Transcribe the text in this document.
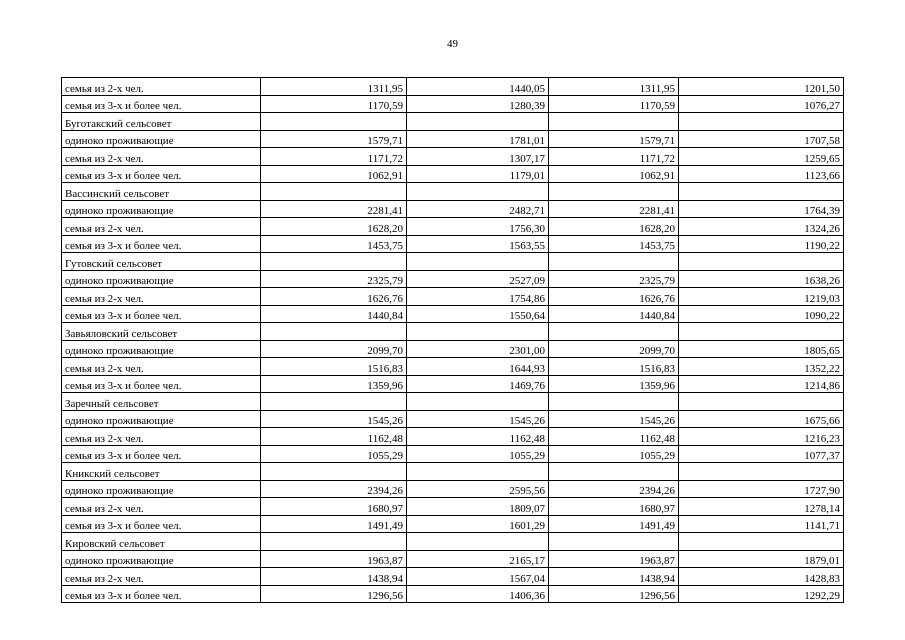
49
семья из 2-х чел.	1311,95	1440,05	1311,95	1201,50
семья из 3-х и более чел.	1170,59	1280,39	1170,59	1076,27
Буготакский сельсовет				
одиноко проживающие	1579,71	1781,01	1579,71	1707,58
семья из 2-х чел.	1171,72	1307,17	1171,72	1259,65
семья из 3-х и более чел.	1062,91	1179,01	1062,91	1123,66
Вассинский сельсовет				
одиноко проживающие	2281,41	2482,71	2281,41	1764,39
семья из 2-х чел.	1628,20	1756,30	1628,20	1324,26
семья из 3-х и более чел.	1453,75	1563,55	1453,75	1190,22
Гутовский сельсовет				
одиноко проживающие	2325,79	2527,09	2325,79	1638,26
семья из 2-х чел.	1626,76	1754,86	1626,76	1219,03
семья из 3-х и более чел.	1440,84	1550,64	1440,84	1090,22
Завьяловский сельсовет				
одиноко проживающие	2099,70	2301,00	2099,70	1805,65
семья из 2-х чел.	1516,83	1644,93	1516,83	1352,22
семья из 3-х и более чел.	1359,96	1469,76	1359,96	1214,86
Заречный сельсовет				
одиноко проживающие	1545,26	1545,26	1545,26	1675,66
семья из 2-х чел.	1162,48	1162,48	1162,48	1216,23
семья из 3-х и более чел.	1055,29	1055,29	1055,29	1077,37
Кникский сельсовет				
одиноко проживающие	2394,26	2595,56	2394,26	1727,90
семья из 2-х чел.	1680,97	1809,07	1680,97	1278,14
семья из 3-х и более чел.	1491,49	1601,29	1491,49	1141,71
Кировский сельсовет				
одиноко проживающие	1963,87	2165,17	1963,87	1879,01
семья из 2-х чел.	1438,94	1567,04	1438,94	1428,83
семья из 3-х и более чел.	1296,56	1406,36	1296,56	1292,29
